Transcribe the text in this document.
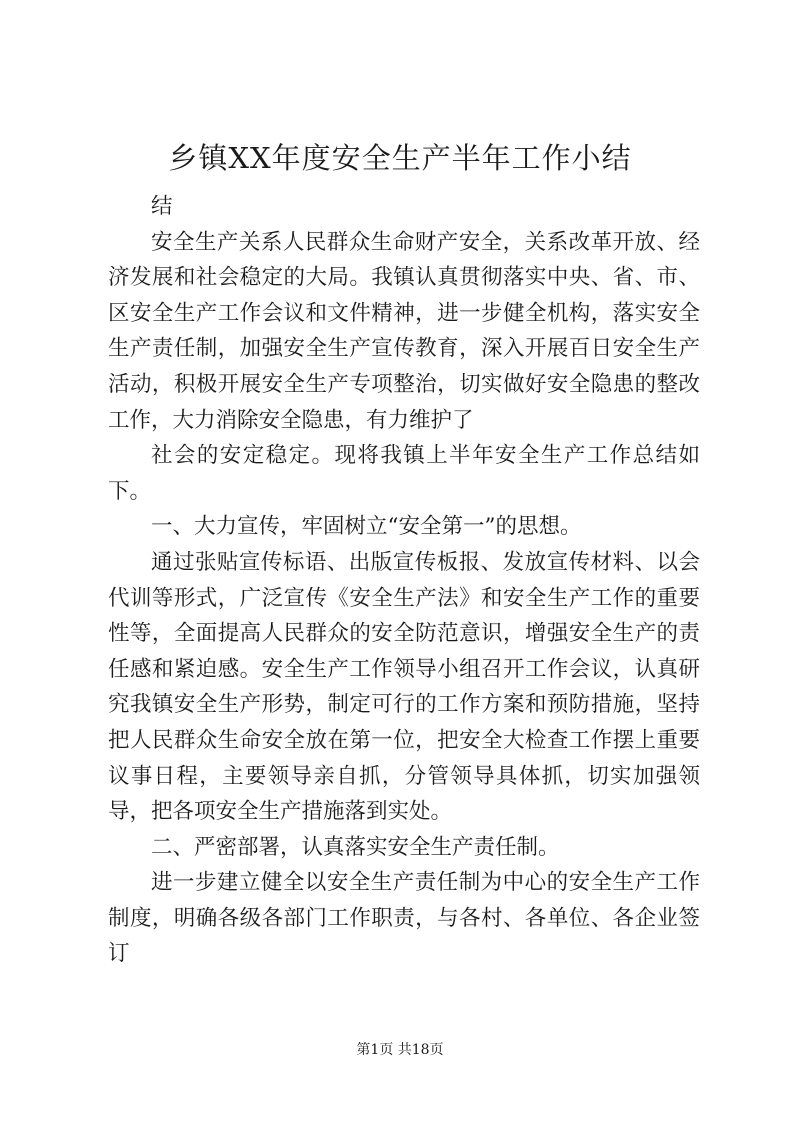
乡镇XX年度安全生产半年工作小结

结

安全生产关系人民群众生命财产安全，关系改革开放、经济发展和社会稳定的大局。我镇认真贯彻落实中央、省、市、区安全生产工作会议和文件精神，进一步健全机构，落实安全生产责任制，加强安全生产宣传教育，深入开展百日安全生产活动，积极开展安全生产专项整治，切实做好安全隐患的整改工作，大力消除安全隐患，有力维护了

社会的安定稳定。现将我镇上半年安全生产工作总结如下。

一、大力宣传，牢固树立“安全第一”的思想。

通过张贴宣传标语、出版宣传板报、发放宣传材料、以会代训等形式，广泛宣传《安全生产法》和安全生产工作的重要性等，全面提高人民群众的安全防范意识，增强安全生产的责任感和紧迫感。安全生产工作领导小组召开工作会议，认真研究我镇安全生产形势，制定可行的工作方案和预防措施，坚持把人民群众生命安全放在第一位，把安全大检查工作摆上重要议事日程，主要领导亲自抓，分管领导具体抓，切实加强领导，把各项安全生产措施落到实处。

二、严密部署，认真落实安全生产责任制。

进一步建立健全以安全生产责任制为中心的安全生产工作制度，明确各级各部门工作职责，与各村、各单位、各企业签订

第1页 共18页
